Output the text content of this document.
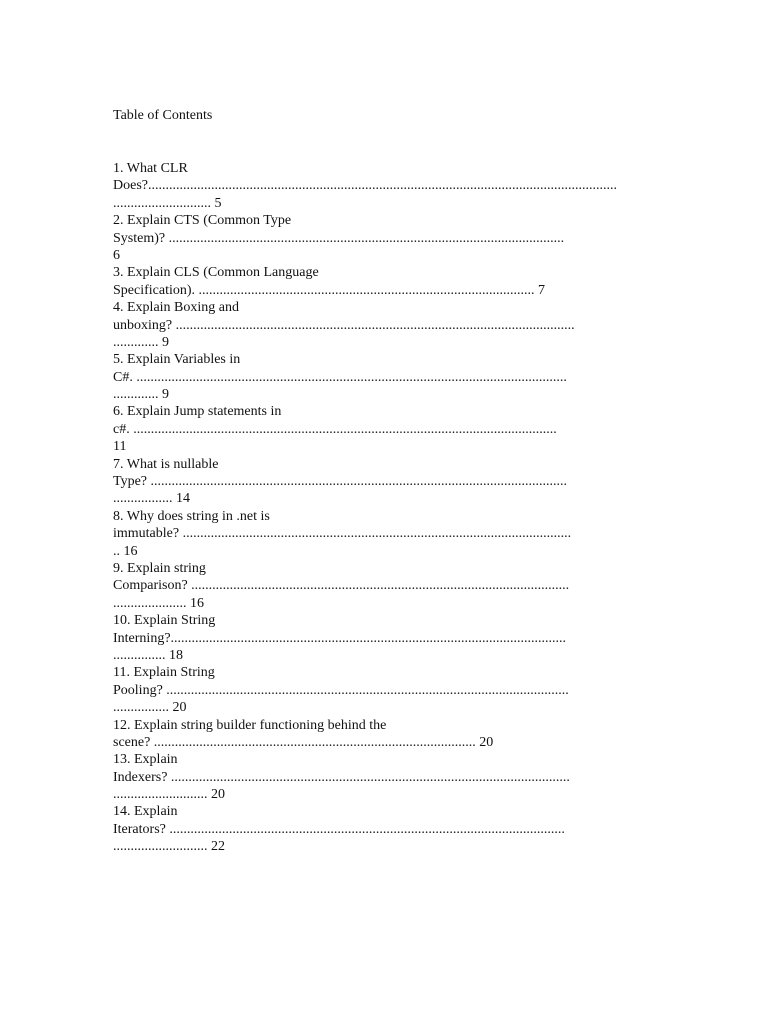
Table of Contents
1. What CLR
Does?......................................................................................................................................
............................ 5
2. Explain CTS (Common Type
System)? .................................................................................................................
6
3. Explain CLS (Common Language
Specification). ................................................................................................ 7
4. Explain Boxing and
unboxing? ..................................................................................................................
............. 9
5. Explain Variables in
C#. ...........................................................................................................................
............. 9
6. Explain Jump statements in
c#. .........................................................................................................................
11
7. What is nullable
Type? .......................................................................................................................
................. 14
8. Why does string in .net is
immutable? ...............................................................................................................
.. 16
9. Explain string
Comparison? ............................................................................................................
..................... 16
10. Explain String
Interning?.................................................................................................................
............... 18
11. Explain String
Pooling? ...................................................................................................................
................ 20
12. Explain string builder functioning behind the
scene? ............................................................................................ 20
13. Explain
Indexers? ..................................................................................................................
........................... 20
14. Explain
Iterators? .................................................................................................................
........................... 22
